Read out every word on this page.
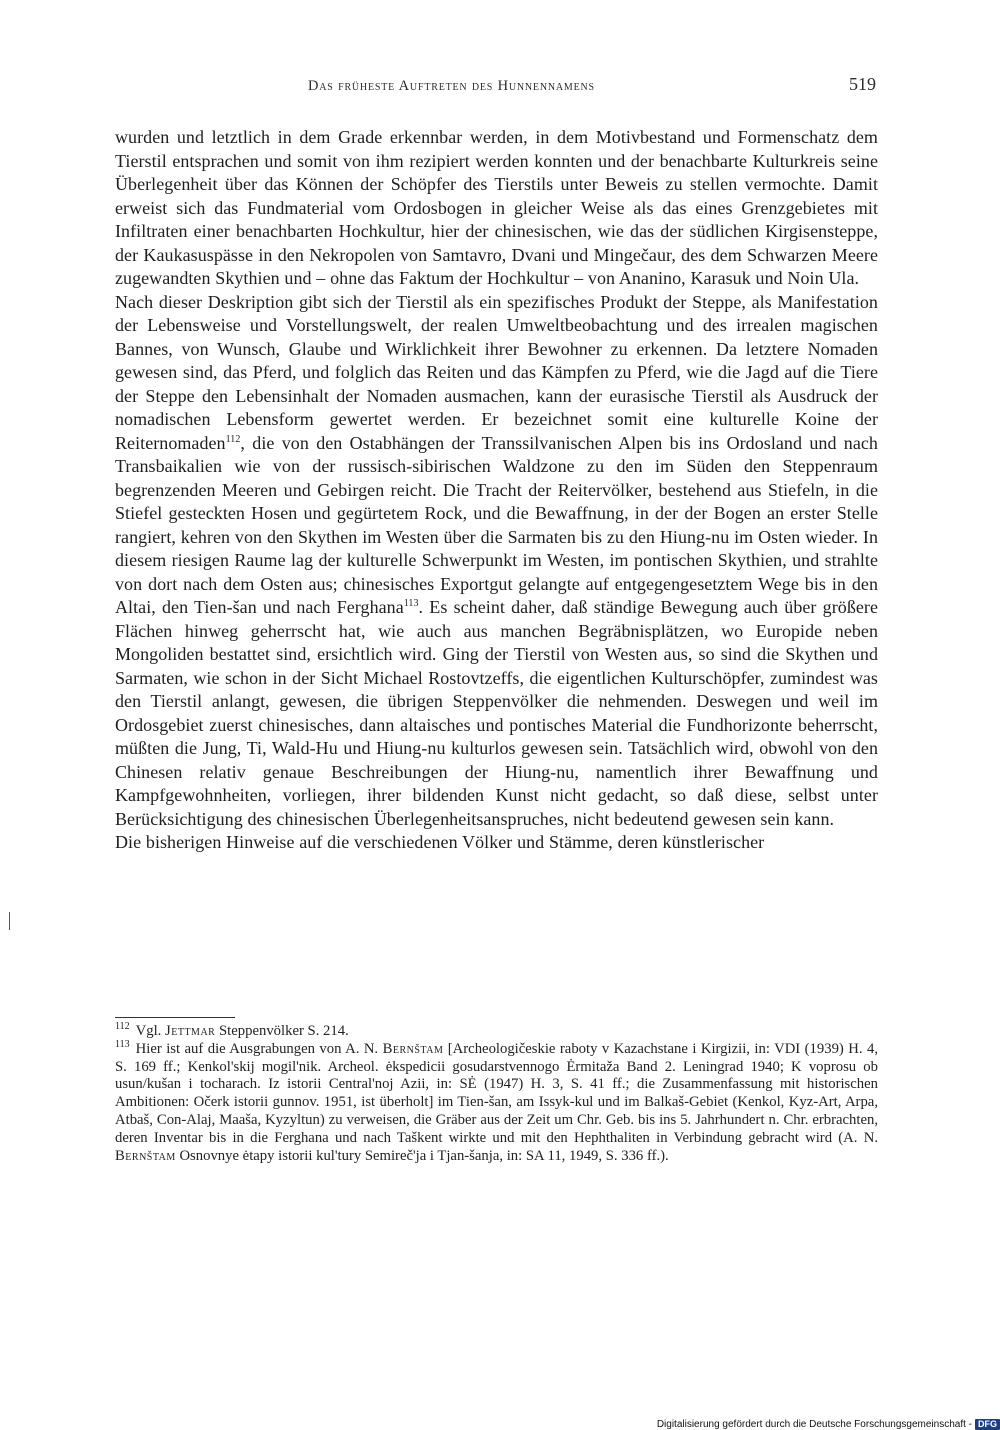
Das früheste Auftreten des Hunnennamens	519

wurden und letztlich in dem Grade erkennbar werden, in dem Motivbestand und Formenschatz dem Tierstil entsprachen und somit von ihm rezipiert werden konnten und der benachbarte Kulturkreis seine Überlegenheit über das Können der Schöpfer des Tierstils unter Beweis zu stellen vermochte. Damit erweist sich das Fundmaterial vom Ordosbogen in gleicher Weise als das eines Grenzgebietes mit Infiltraten einer benachbarten Hochkultur, hier der chinesischen, wie das der südlichen Kirgisensteppe, der Kaukasuspässe in den Nekropolen von Samtavro, Dvani und Mingečaur, des dem Schwarzen Meere zugewandten Skythien und – ohne das Faktum der Hochkultur – von Ananino, Karasuk und Noin Ula.

Nach dieser Deskription gibt sich der Tierstil als ein spezifisches Produkt der Steppe, als Manifestation der Lebensweise und Vorstellungswelt, der realen Umweltbeobachtung und des irrealen magischen Bannes, von Wunsch, Glaube und Wirklichkeit ihrer Bewohner zu erkennen. Da letztere Nomaden gewesen sind, das Pferd, und folglich das Reiten und das Kämpfen zu Pferd, wie die Jagd auf die Tiere der Steppe den Lebensinhalt der Nomaden ausmachen, kann der eurasische Tierstil als Ausdruck der nomadischen Lebensform gewertet werden. Er bezeichnet somit eine kulturelle Koine der Reiternomaden$^{112}$, die von den Ostabhängen der Transsilvanischen Alpen bis ins Ordosland und nach Transbaikalien wie von der russisch-sibirischen Waldzone zu den im Süden den Steppenraum begrenzenden Meeren und Gebirgen reicht. Die Tracht der Reitervölker, bestehend aus Stiefeln, in die Stiefel gesteckten Hosen und gegürtetem Rock, und die Bewaffnung, in der der Bogen an erster Stelle rangiert, kehren von den Skythen im Westen über die Sarmaten bis zu den Hiung-nu im Osten wieder. In diesem riesigen Raume lag der kulturelle Schwerpunkt im Westen, im pontischen Skythien, und strahlte von dort nach dem Osten aus; chinesisches Exportgut gelangte auf entgegengesetztem Wege bis in den Altai, den Tien-šan und nach Ferghana$^{113}$. Es scheint daher, daß ständige Bewegung auch über größere Flächen hinweg geherrscht hat, wie auch aus manchen Begräbnisplätzen, wo Europide neben Mongoliden bestattet sind, ersichtlich wird. Ging der Tierstil von Westen aus, so sind die Skythen und Sarmaten, wie schon in der Sicht Michael Rostovtzeffs, die eigentlichen Kulturschöpfer, zumindest was den Tierstil anlangt, gewesen, die übrigen Steppenvölker die nehmenden. Deswegen und weil im Ordosgebiet zuerst chinesisches, dann altaisches und pontisches Material die Fundhorizonte beherrscht, müßten die Jung, Ti, Wald-Hu und Hiung-nu kulturlos gewesen sein. Tatsächlich wird, obwohl von den Chinesen relativ genaue Beschreibungen der Hiung-nu, namentlich ihrer Bewaffnung und Kampfgewohnheiten, vorliegen, ihrer bildenden Kunst nicht gedacht, so daß diese, selbst unter Berücksichtigung des chinesischen Überlegenheitsanspruches, nicht bedeutend gewesen sein kann.

Die bisherigen Hinweise auf die verschiedenen Völker und Stämme, deren künstlerischer

$^{112}$ Vgl. Jettmar Steppenvölker S. 214.

$^{113}$ Hier ist auf die Ausgrabungen von A. N. Bernštam [Archeologičeskie raboty v Kazachstane i Kirgizii, in: VDI (1939) H. 4, S. 169 ff.; Kenkol'skij mogil'nik. Archeol. ėkspedicii gosudarstvennogo Ėrmitaža Band 2. Leningrad 1940; K voprosu ob usun/kušan i tocharach. Iz istorii Central'noj Azii, in: SĖ (1947) H. 3, S. 41 ff.; die Zusammenfassung mit historischen Ambitionen: Očerk istorii gunnov. 1951, ist überholt] im Tien-šan, am Issyk-kul und im Balkaš-Gebiet (Kenkol, Kyz-Art, Arpa, Atbaš, Con-Alaj, Maaša, Kyzyltun) zu verweisen, die Gräber aus der Zeit um Chr. Geb. bis ins 5. Jahrhundert n. Chr. erbrachten, deren Inventar bis in die Ferghana und nach Taškent wirkte und mit den Hephthaliten in Verbindung gebracht wird (A. N. Bernštam Osnovnye ėtapy istorii kul'tury Semireč'ja i Tjan-šanja, in: SA 11, 1949, S. 336 ff.).

Digitalisierung gefördert durch die Deutsche Forschungsgemeinschaft - DFG
